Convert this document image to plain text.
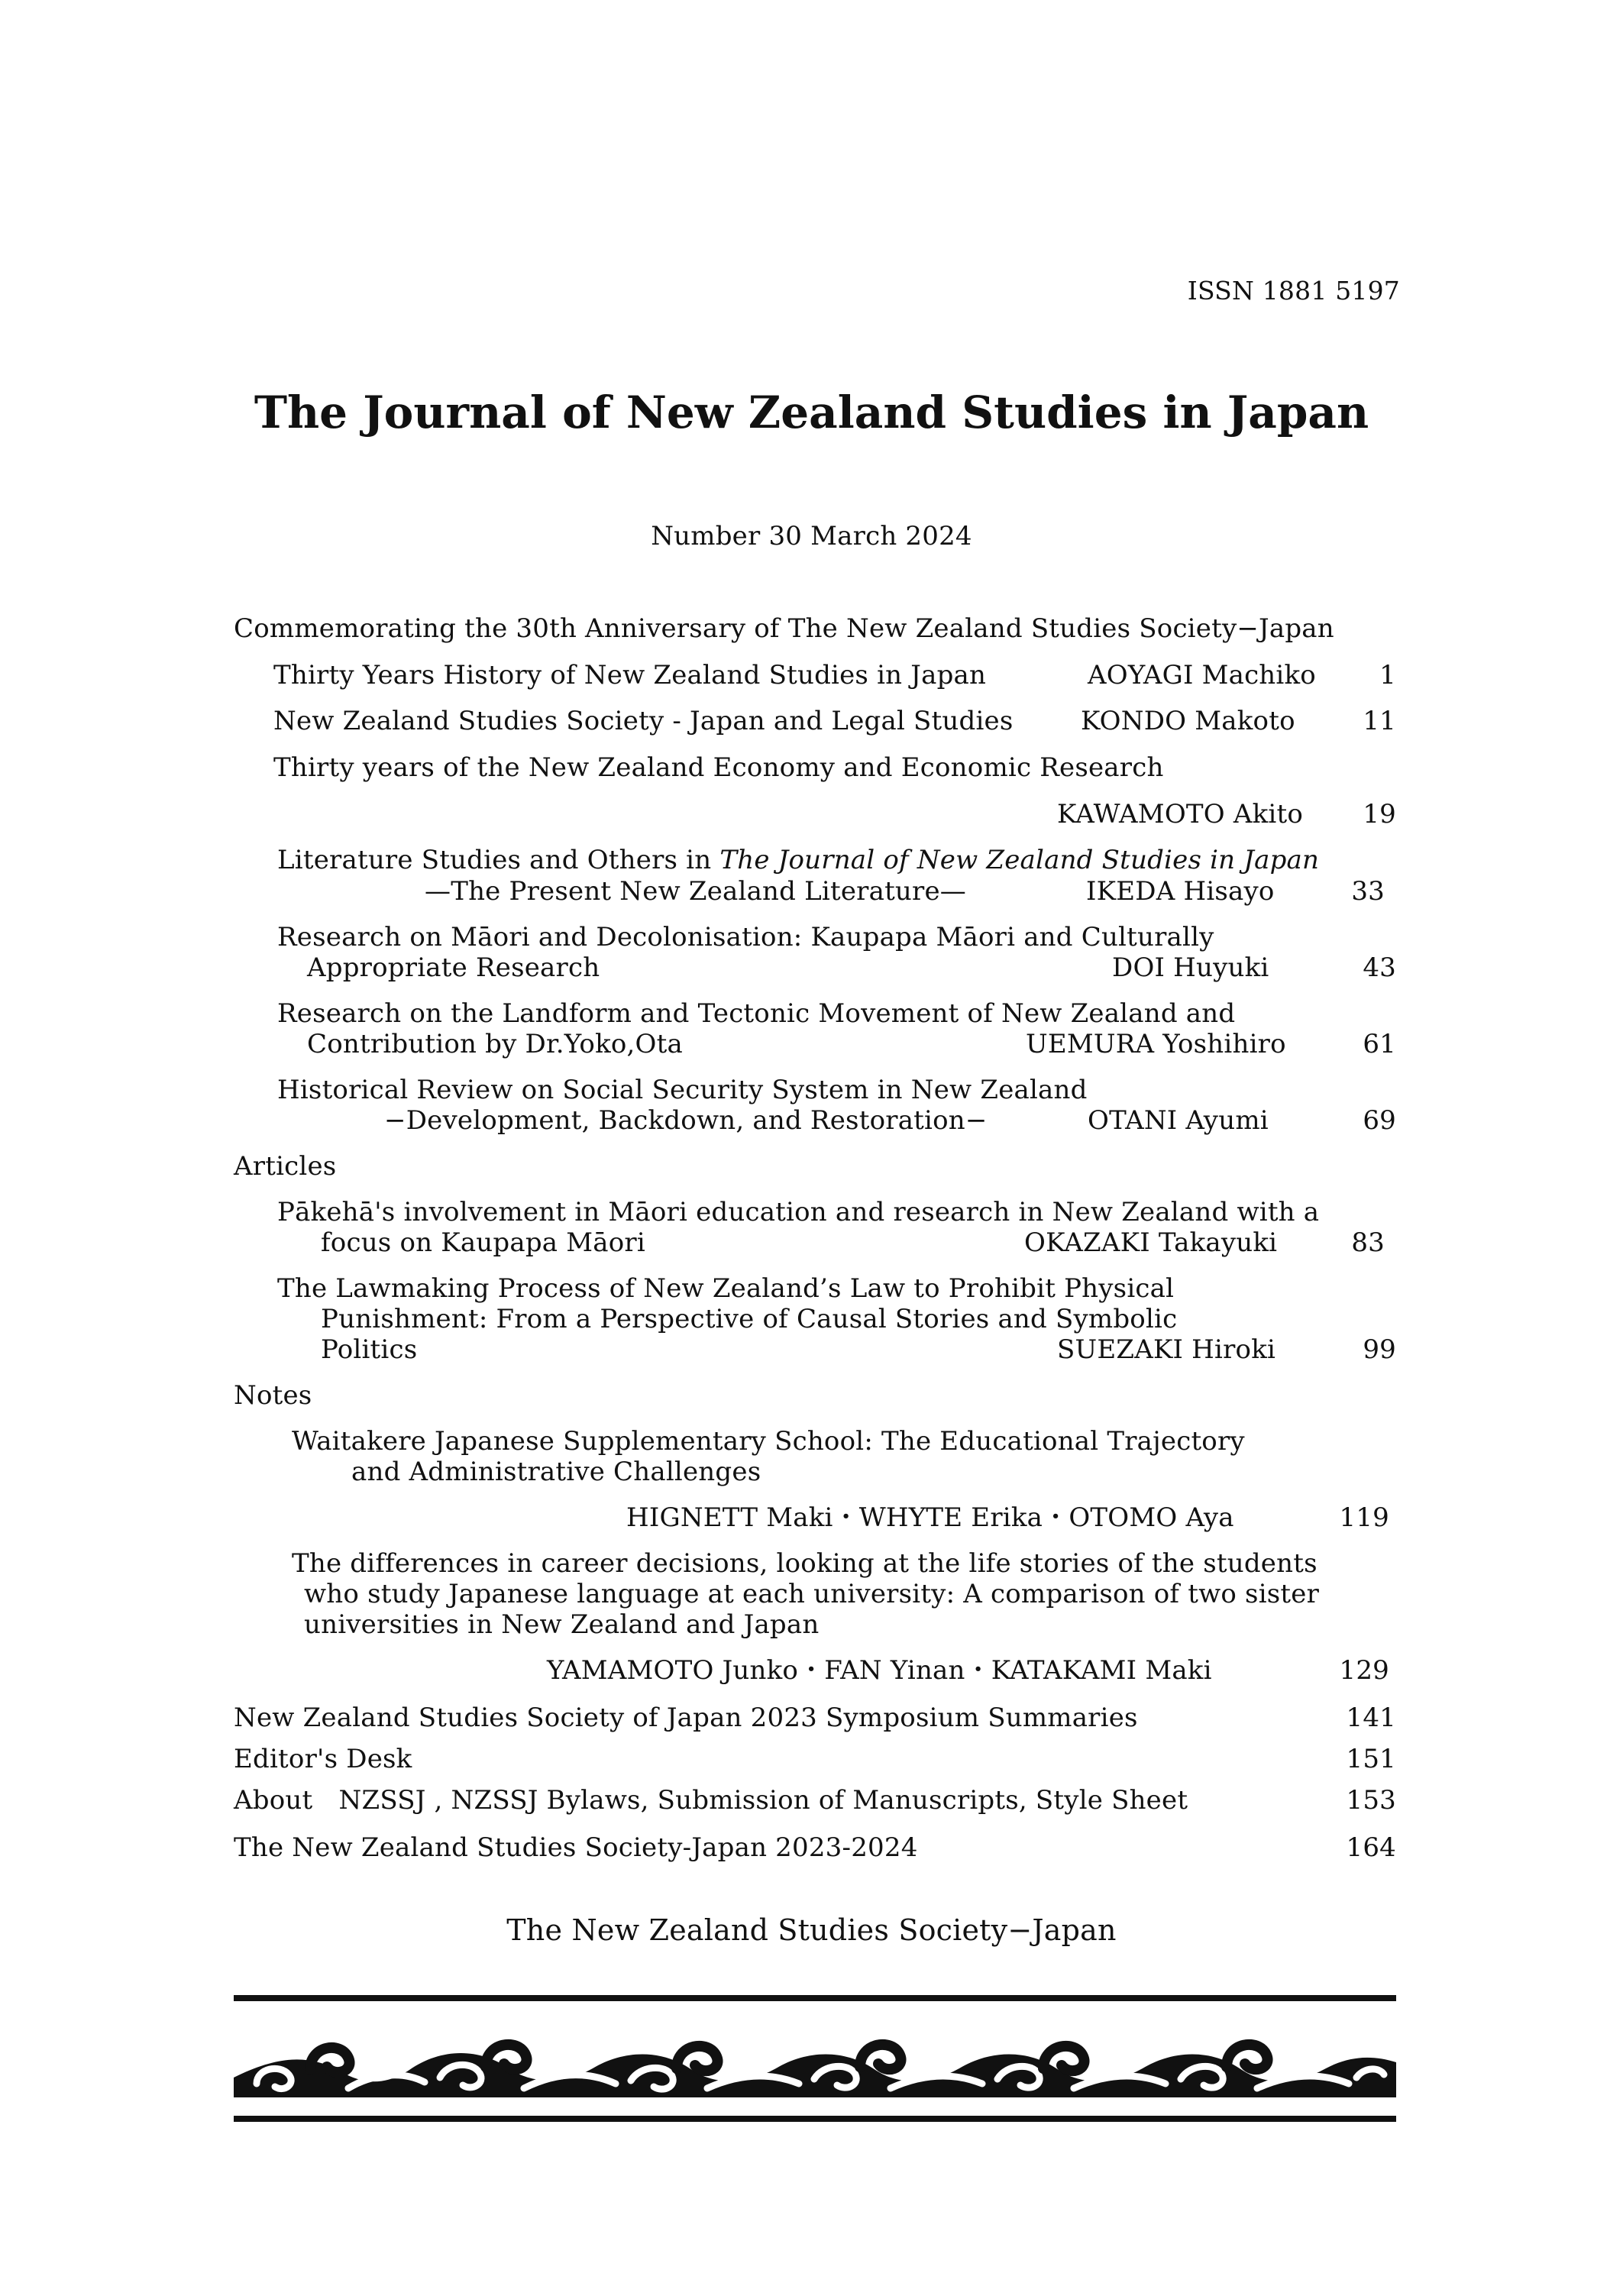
ISSN 1881 5197
The Journal of New Zealand Studies in Japan
Number 30 March 2024
Commemorating the 30th Anniversary of The New Zealand Studies Society−Japan
Thirty Years History of New Zealand Studies in Japan	AOYAGI Machiko 1
New Zealand Studies Society - Japan and Legal Studies	KONDO Makoto	11
Thirty years of the New Zealand Economy and Economic Research
KAWAMOTO Akito 19
Literature Studies and Others in The Journal of New Zealand Studies in Japan
—The Present New Zealand Literature—	IKEDA Hisayo	33
Research on Māori and Decolonisation: Kaupapa Māori and Culturally
Appropriate Research	DOI Huyuki	43
Research on the Landform and Tectonic Movement of New Zealand and
Contribution by Dr.Yoko,Ota	UEMURA Yoshihiro	61
Historical Review on Social Security System in New Zealand
−Development, Backdown, and Restoration−	OTANI Ayumi	69
Articles
Pākehā's involvement in Māori education and research in New Zealand with a
focus on Kaupapa Māori	OKAZAKI Takayuki	83
The Lawmaking Process of New Zealand’s Law to Prohibit Physical
Punishment: From a Perspective of Causal Stories and Symbolic
Politics	SUEZAKI Hiroki	99
Notes
Waitakere Japanese Supplementary School: The Educational Trajectory
and Administrative Challenges
HIGNETT Maki・WHYTE Erika・OTOMO Aya	119
The differences in career decisions, looking at the life stories of the students
who study Japanese language at each university: A comparison of two sister
universities in New Zealand and Japan
YAMAMOTO Junko・FAN Yinan・KATAKAMI Maki	129
New Zealand Studies Society of Japan 2023 Symposium Summaries	141
Editor's Desk	151
About　NZSSJ , NZSSJ Bylaws, Submission of Manuscripts, Style Sheet	153
The New Zealand Studies Society-Japan 2023-2024	164
The New Zealand Studies Society−Japan
